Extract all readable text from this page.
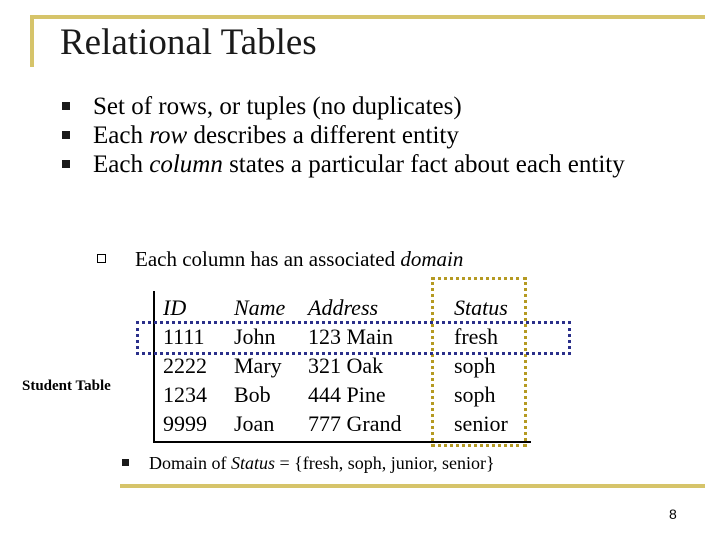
Relational Tables
Set of rows, or tuples (no duplicates)
Each row describes a different entity
Each column states a particular fact about each entity
Each column has an associated domain
Student Table
ID	Name	Address	Status
1111	John	123 Main	fresh
2222	Mary	321 Oak	soph
1234	Bob	444 Pine	soph
9999	Joan	777 Grand	senior
Domain of Status = {fresh, soph, junior, senior}
8
